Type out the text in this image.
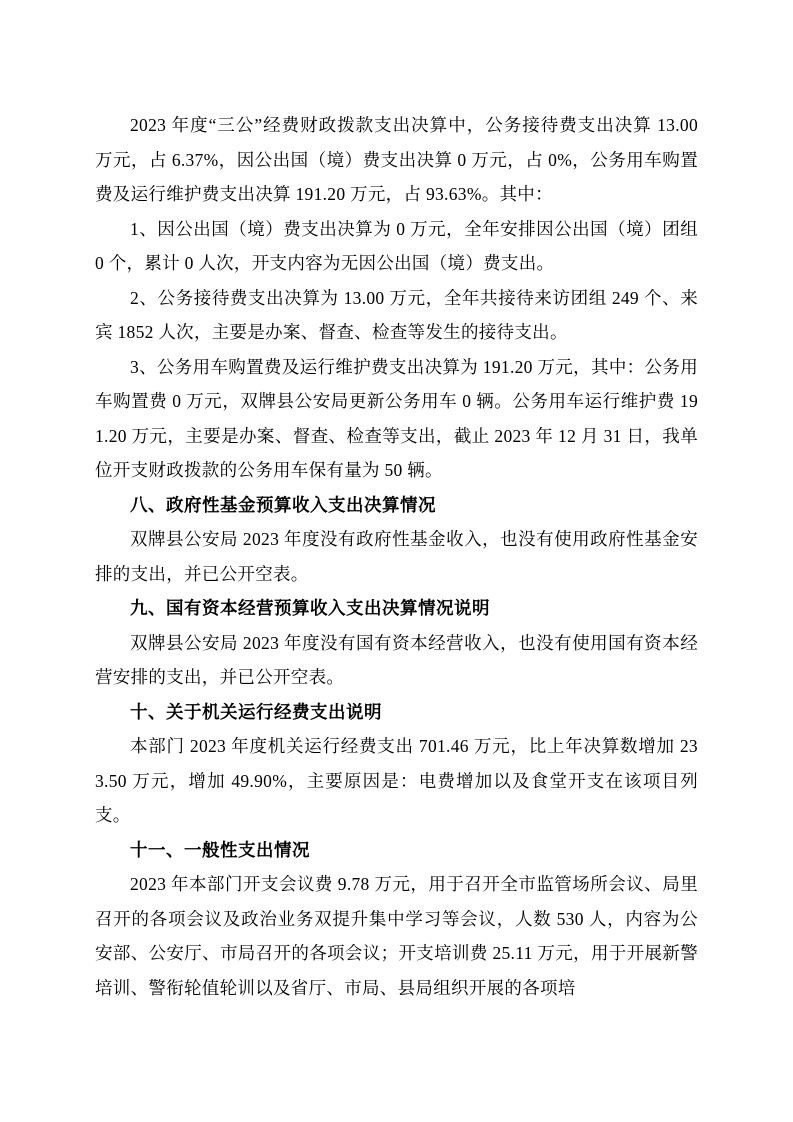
2023 年度“三公”经费财政拨款支出决算中，公务接待费支出决算 13.00 万元，占 6.37%，因公出国（境）费支出决算 0 万元，占 0%，公务用车购置费及运行维护费支出决算 191.20 万元，占 93.63%。其中：

1、因公出国（境）费支出决算为 0 万元，全年安排因公出国（境）团组 0 个，累计 0 人次，开支内容为无因公出国（境）费支出。

2、公务接待费支出决算为 13.00 万元，全年共接待来访团组 249 个、来宾 1852 人次，主要是办案、督查、检查等发生的接待支出。

3、公务用车购置费及运行维护费支出决算为 191.20 万元，其中：公务用车购置费 0 万元，双牌县公安局更新公务用车 0 辆。公务用车运行维护费 191.20 万元，主要是办案、督查、检查等支出，截止 2023 年 12 月 31 日，我单位开支财政拨款的公务用车保有量为 50 辆。

八、政府性基金预算收入支出决算情况

双牌县公安局 2023 年度没有政府性基金收入，也没有使用政府性基金安排的支出，并已公开空表。

九、国有资本经营预算收入支出决算情况说明

双牌县公安局 2023 年度没有国有资本经营收入，也没有使用国有资本经营安排的支出，并已公开空表。

十、关于机关运行经费支出说明

本部门 2023 年度机关运行经费支出 701.46 万元，比上年决算数增加 233.50 万元，增加 49.90%，主要原因是：电费增加以及食堂开支在该项目列支。

十一、一般性支出情况

2023 年本部门开支会议费 9.78 万元，用于召开全市监管场所会议、局里召开的各项会议及政治业务双提升集中学习等会议，人数 530 人，内容为公安部、公安厅、市局召开的各项会议；开支培训费 25.11 万元，用于开展新警培训、警衔轮值轮训以及省厅、市局、县局组织开展的各项培
